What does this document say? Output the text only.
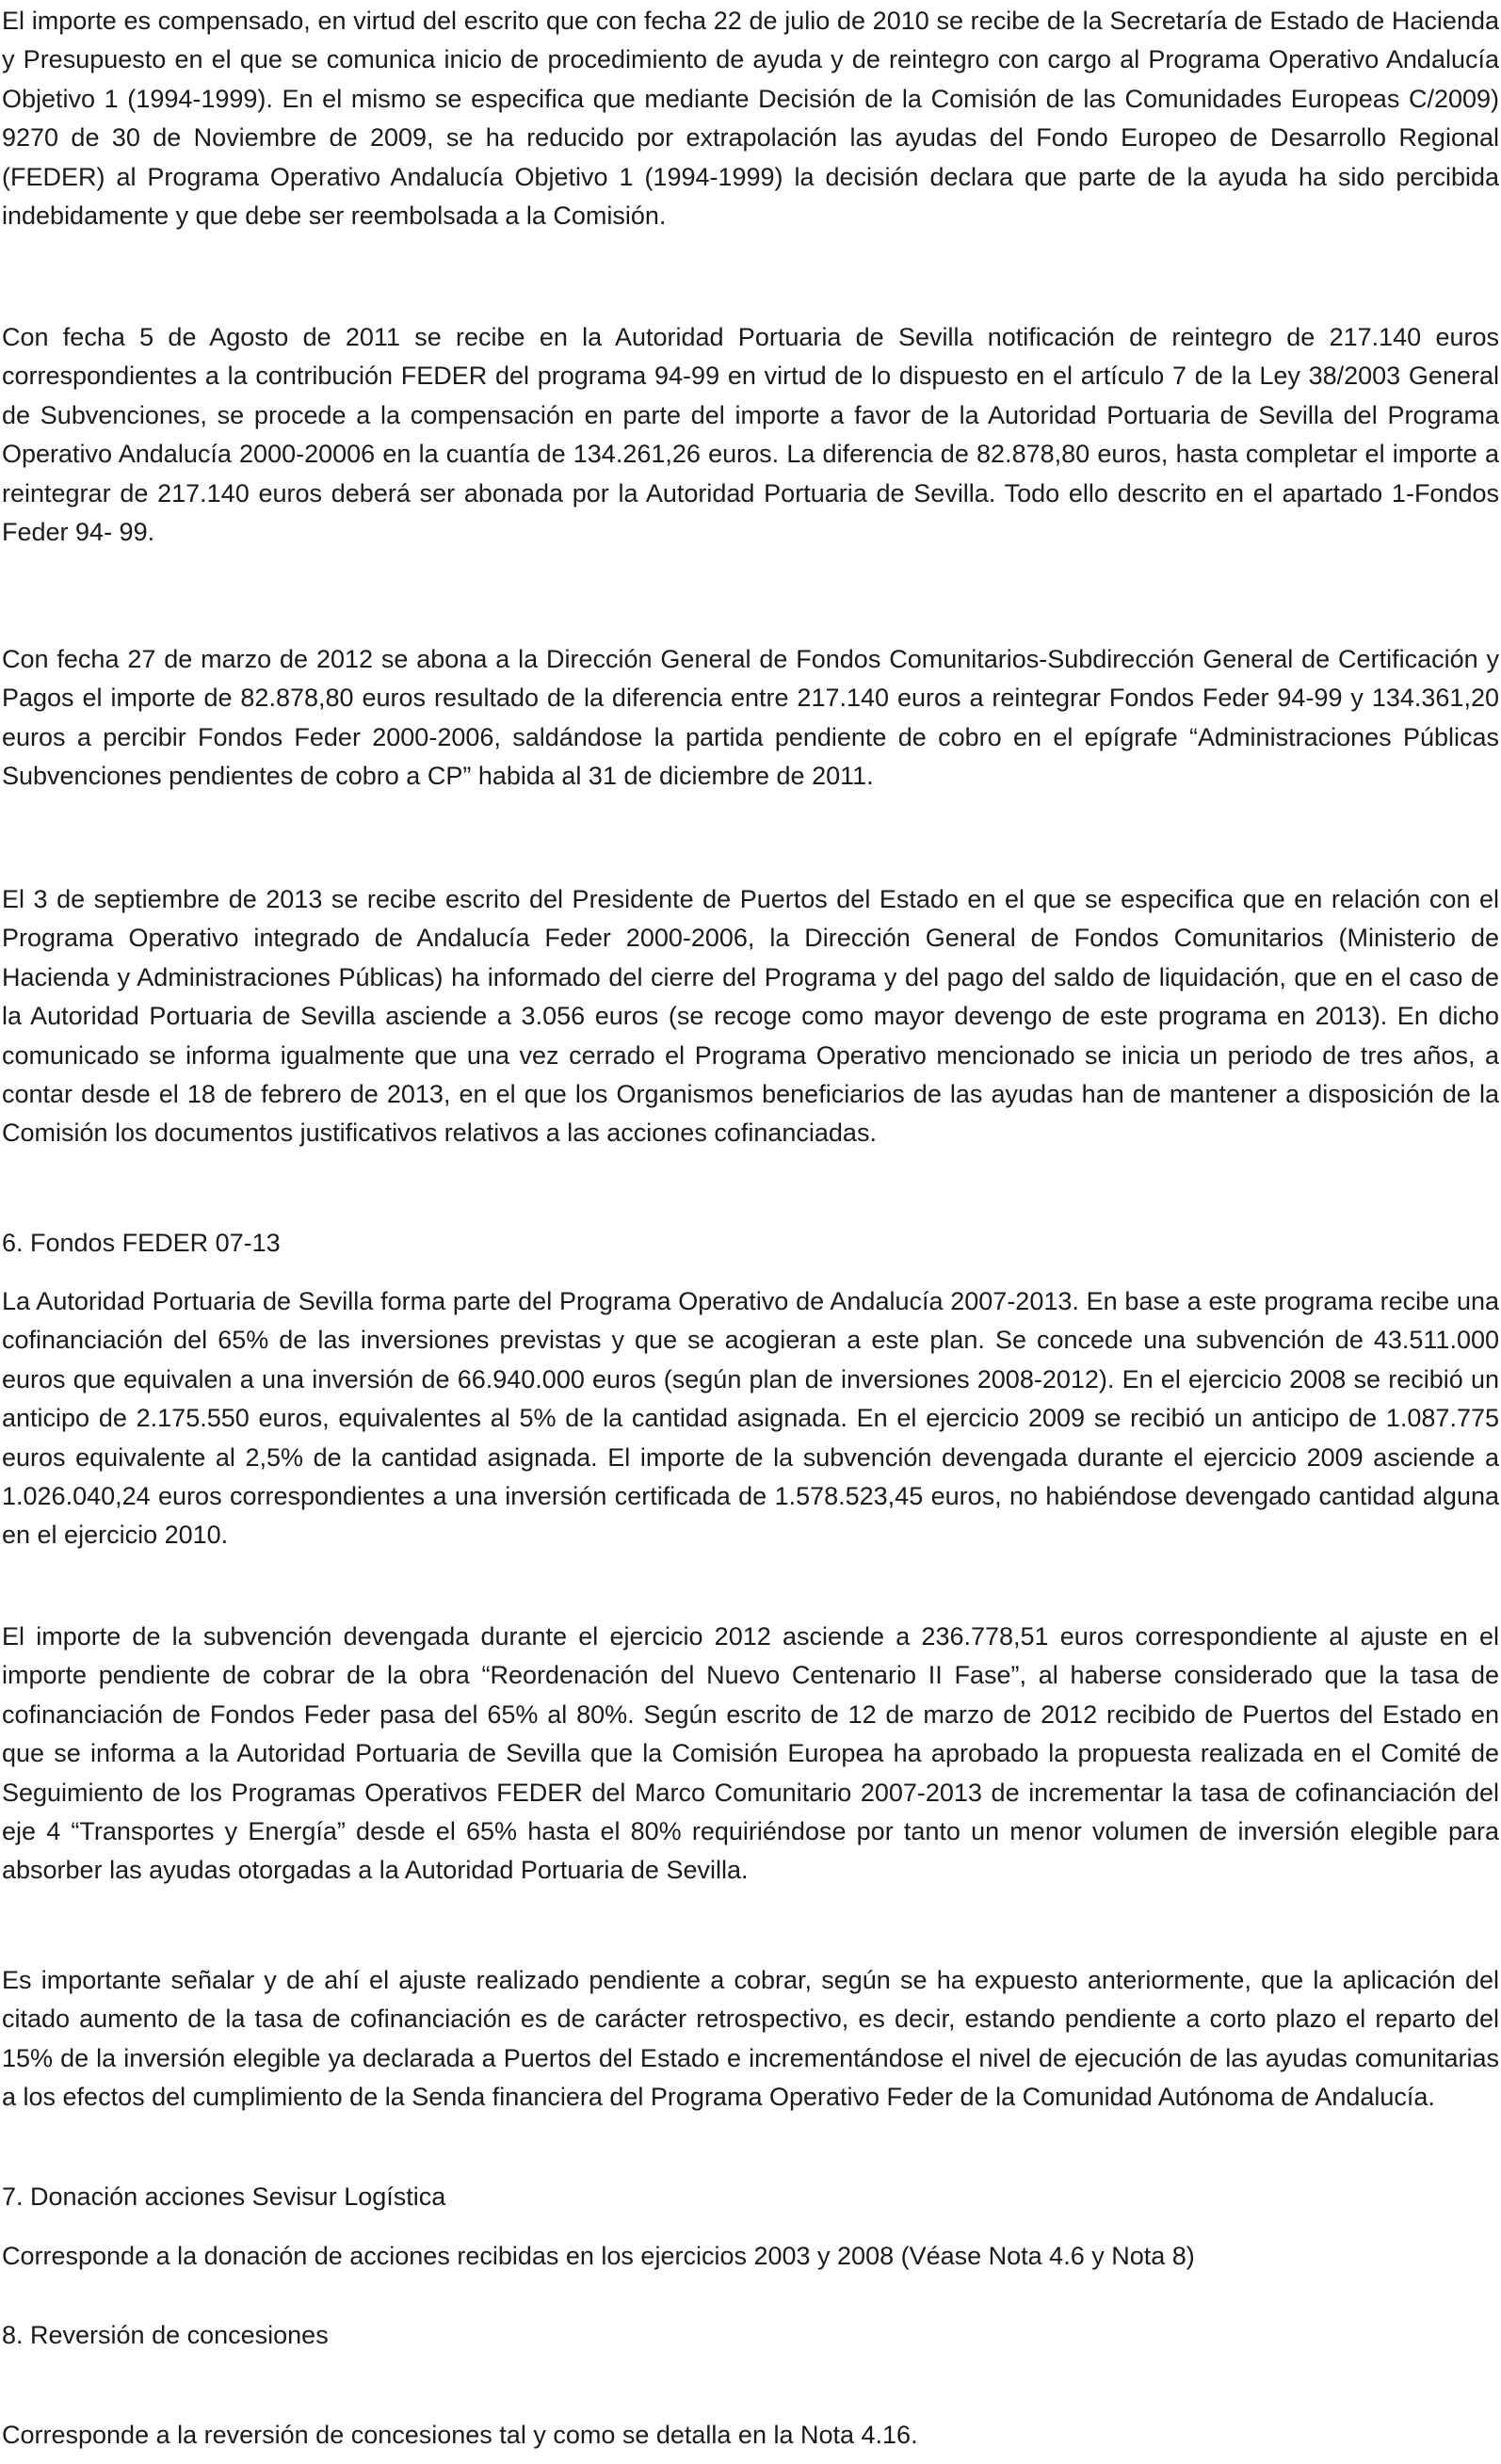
El importe es compensado, en virtud del escrito que con fecha 22 de julio de 2010 se recibe de la Secretaría de Estado de Hacienda y Presupuesto en el que se comunica inicio de procedimiento de ayuda y de reintegro con cargo al Programa Operativo Andalucía Objetivo 1 (1994-1999). En el mismo se especifica que mediante Decisión de la Comisión de las Comunidades Europeas C/2009) 9270 de 30 de Noviembre de 2009, se ha reducido por extrapolación las ayudas del Fondo Europeo de Desarrollo Regional (FEDER) al Programa Operativo Andalucía Objetivo 1 (1994-1999) la decisión declara que parte de la ayuda ha sido percibida indebidamente y que debe ser reembolsada a la Comisión.

Con fecha 5 de Agosto de 2011 se recibe en la Autoridad Portuaria de Sevilla notificación de reintegro de 217.140 euros correspondientes a la contribución FEDER del programa 94-99 en virtud de lo dispuesto en el artículo 7 de la Ley 38/2003 General de Subvenciones, se procede a la compensación en parte del importe a favor de la Autoridad Portuaria de Sevilla del Programa Operativo Andalucía 2000-20006 en la cuantía de 134.261,26 euros. La diferencia de 82.878,80 euros, hasta completar el importe a reintegrar de 217.140 euros deberá ser abonada por la Autoridad Portuaria de Sevilla. Todo ello descrito en el apartado 1-Fondos Feder 94- 99.

Con fecha 27 de marzo de 2012 se abona a la Dirección General de Fondos Comunitarios-Subdirección General de Certificación y Pagos el importe de 82.878,80 euros resultado de la diferencia entre 217.140 euros a reintegrar Fondos Feder 94-99 y 134.361,20 euros a percibir Fondos Feder 2000-2006, saldándose la partida pendiente de cobro en el epígrafe “Administraciones Públicas Subvenciones pendientes de cobro a CP” habida al 31 de diciembre de 2011.

El 3 de septiembre de 2013 se recibe escrito del Presidente de Puertos del Estado en el que se especifica que en relación con el Programa Operativo integrado de Andalucía Feder 2000-2006, la Dirección General de Fondos Comunitarios (Ministerio de Hacienda y Administraciones Públicas) ha informado del cierre del Programa y del pago del saldo de liquidación, que en el caso de la Autoridad Portuaria de Sevilla asciende a 3.056 euros (se recoge como mayor devengo de este programa en 2013). En dicho comunicado se informa igualmente que una vez cerrado el Programa Operativo mencionado se inicia un periodo de tres años, a contar desde el 18 de febrero de 2013, en el que los Organismos beneficiarios de las ayudas han de mantener a disposición de la Comisión los documentos justificativos relativos a las acciones cofinanciadas.

6. Fondos FEDER 07-13

La Autoridad Portuaria de Sevilla forma parte del Programa Operativo de Andalucía 2007-2013. En base a este programa recibe una cofinanciación del 65% de las inversiones previstas y que se acogieran a este plan. Se concede una subvención de 43.511.000 euros que equivalen a una inversión de 66.940.000 euros (según plan de inversiones 2008-2012). En el ejercicio 2008 se recibió un anticipo de 2.175.550 euros, equivalentes al 5% de la cantidad asignada. En el ejercicio 2009 se recibió un anticipo de 1.087.775 euros equivalente al 2,5% de la cantidad asignada. El importe de la subvención devengada durante el ejercicio 2009 asciende a 1.026.040,24 euros correspondientes a una inversión certificada de 1.578.523,45 euros, no habiéndose devengado cantidad alguna en el ejercicio 2010.

El importe de la subvención devengada durante el ejercicio 2012 asciende a 236.778,51 euros correspondiente al ajuste en el importe pendiente de cobrar de la obra “Reordenación del Nuevo Centenario II Fase”, al haberse considerado que la tasa de cofinanciación de Fondos Feder pasa del 65% al 80%. Según escrito de 12 de marzo de 2012 recibido de Puertos del Estado en que se informa a la Autoridad Portuaria de Sevilla que la Comisión Europea ha aprobado la propuesta realizada en el Comité de Seguimiento de los Programas Operativos FEDER del Marco Comunitario 2007-2013 de incrementar la tasa de cofinanciación del eje 4 “Transportes y Energía” desde el 65% hasta el 80% requiriéndose por tanto un menor volumen de inversión elegible para absorber las ayudas otorgadas a la Autoridad Portuaria de Sevilla.

Es importante señalar y de ahí el ajuste realizado pendiente a cobrar, según se ha expuesto anteriormente, que la aplicación del citado aumento de la tasa de cofinanciación es de carácter retrospectivo, es decir, estando pendiente a corto plazo el reparto del 15% de la inversión elegible ya declarada a Puertos del Estado e incrementándose el nivel de ejecución de las ayudas comunitarias a los efectos del cumplimiento de la Senda financiera del Programa Operativo Feder de la Comunidad Autónoma de Andalucía.

7. Donación acciones Sevisur Logística

Corresponde a la donación de acciones recibidas en los ejercicios 2003 y 2008 (Véase Nota 4.6 y Nota 8)

8. Reversión de concesiones

Corresponde a la reversión de concesiones tal y como se detalla en la Nota 4.16.
